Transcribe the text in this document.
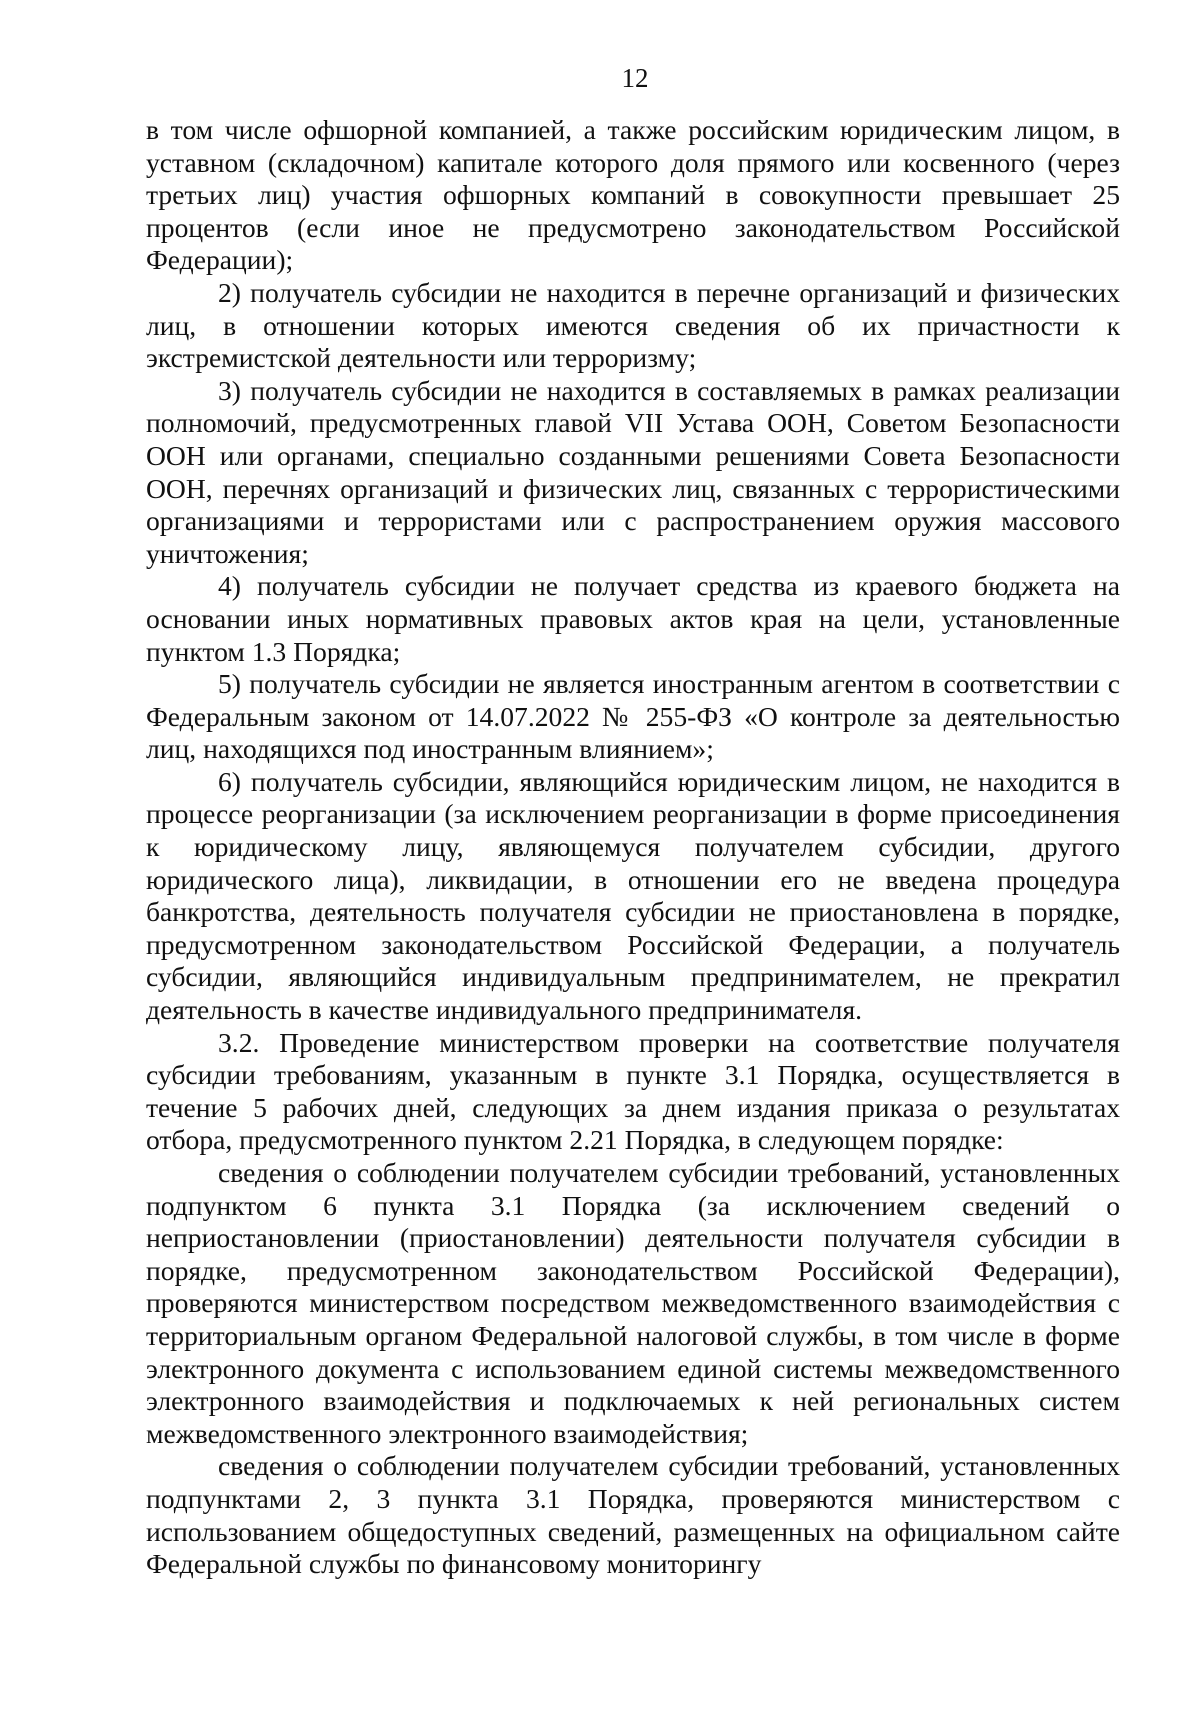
12

в том числе офшорной компанией, а также российским юридическим лицом, в уставном (складочном) капитале которого доля прямого или косвенного (через третьих лиц) участия офшорных компаний в совокупности превышает 25 процентов (если иное не предусмотрено законодательством Российской Федерации);

2) получатель субсидии не находится в перечне организаций и физических лиц, в отношении которых имеются сведения об их причастности к экстремистской деятельности или терроризму;

3) получатель субсидии не находится в составляемых в рамках реализации полномочий, предусмотренных главой VII Устава ООН, Советом Безопасности ООН или органами, специально созданными решениями Совета Безопасности ООН, перечнях организаций и физических лиц, связанных с террористическими организациями и террористами или с распространением оружия массового уничтожения;

4) получатель субсидии не получает средства из краевого бюджета на основании иных нормативных правовых актов края на цели, установленные пунктом 1.3 Порядка;

5) получатель субсидии не является иностранным агентом в соответствии с Федеральным законом от 14.07.2022 № 255-ФЗ «О контроле за деятельностью лиц, находящихся под иностранным влиянием»;

6) получатель субсидии, являющийся юридическим лицом, не находится в процессе реорганизации (за исключением реорганизации в форме присоединения к юридическому лицу, являющемуся получателем субсидии, другого юридического лица), ликвидации, в отношении его не введена процедура банкротства, деятельность получателя субсидии не приостановлена в порядке, предусмотренном законодательством Российской Федерации, а получатель субсидии, являющийся индивидуальным предпринимателем, не прекратил деятельность в качестве индивидуального предпринимателя.

3.2. Проведение министерством проверки на соответствие получателя субсидии требованиям, указанным в пункте 3.1 Порядка, осуществляется в течение 5 рабочих дней, следующих за днем издания приказа о результатах отбора, предусмотренного пунктом 2.21 Порядка, в следующем порядке:

сведения о соблюдении получателем субсидии требований, установленных подпунктом 6 пункта 3.1 Порядка (за исключением сведений о неприостановлении (приостановлении) деятельности получателя субсидии в порядке, предусмотренном законодательством Российской Федерации), проверяются министерством посредством межведомственного взаимодействия с территориальным органом Федеральной налоговой службы, в том числе в форме электронного документа с использованием единой системы межведомственного электронного взаимодействия и подключаемых к ней региональных систем межведомственного электронного взаимодействия;

сведения о соблюдении получателем субсидии требований, установленных подпунктами 2, 3 пункта 3.1 Порядка, проверяются министерством с использованием общедоступных сведений, размещенных на официальном сайте Федеральной службы по финансовому мониторингу
